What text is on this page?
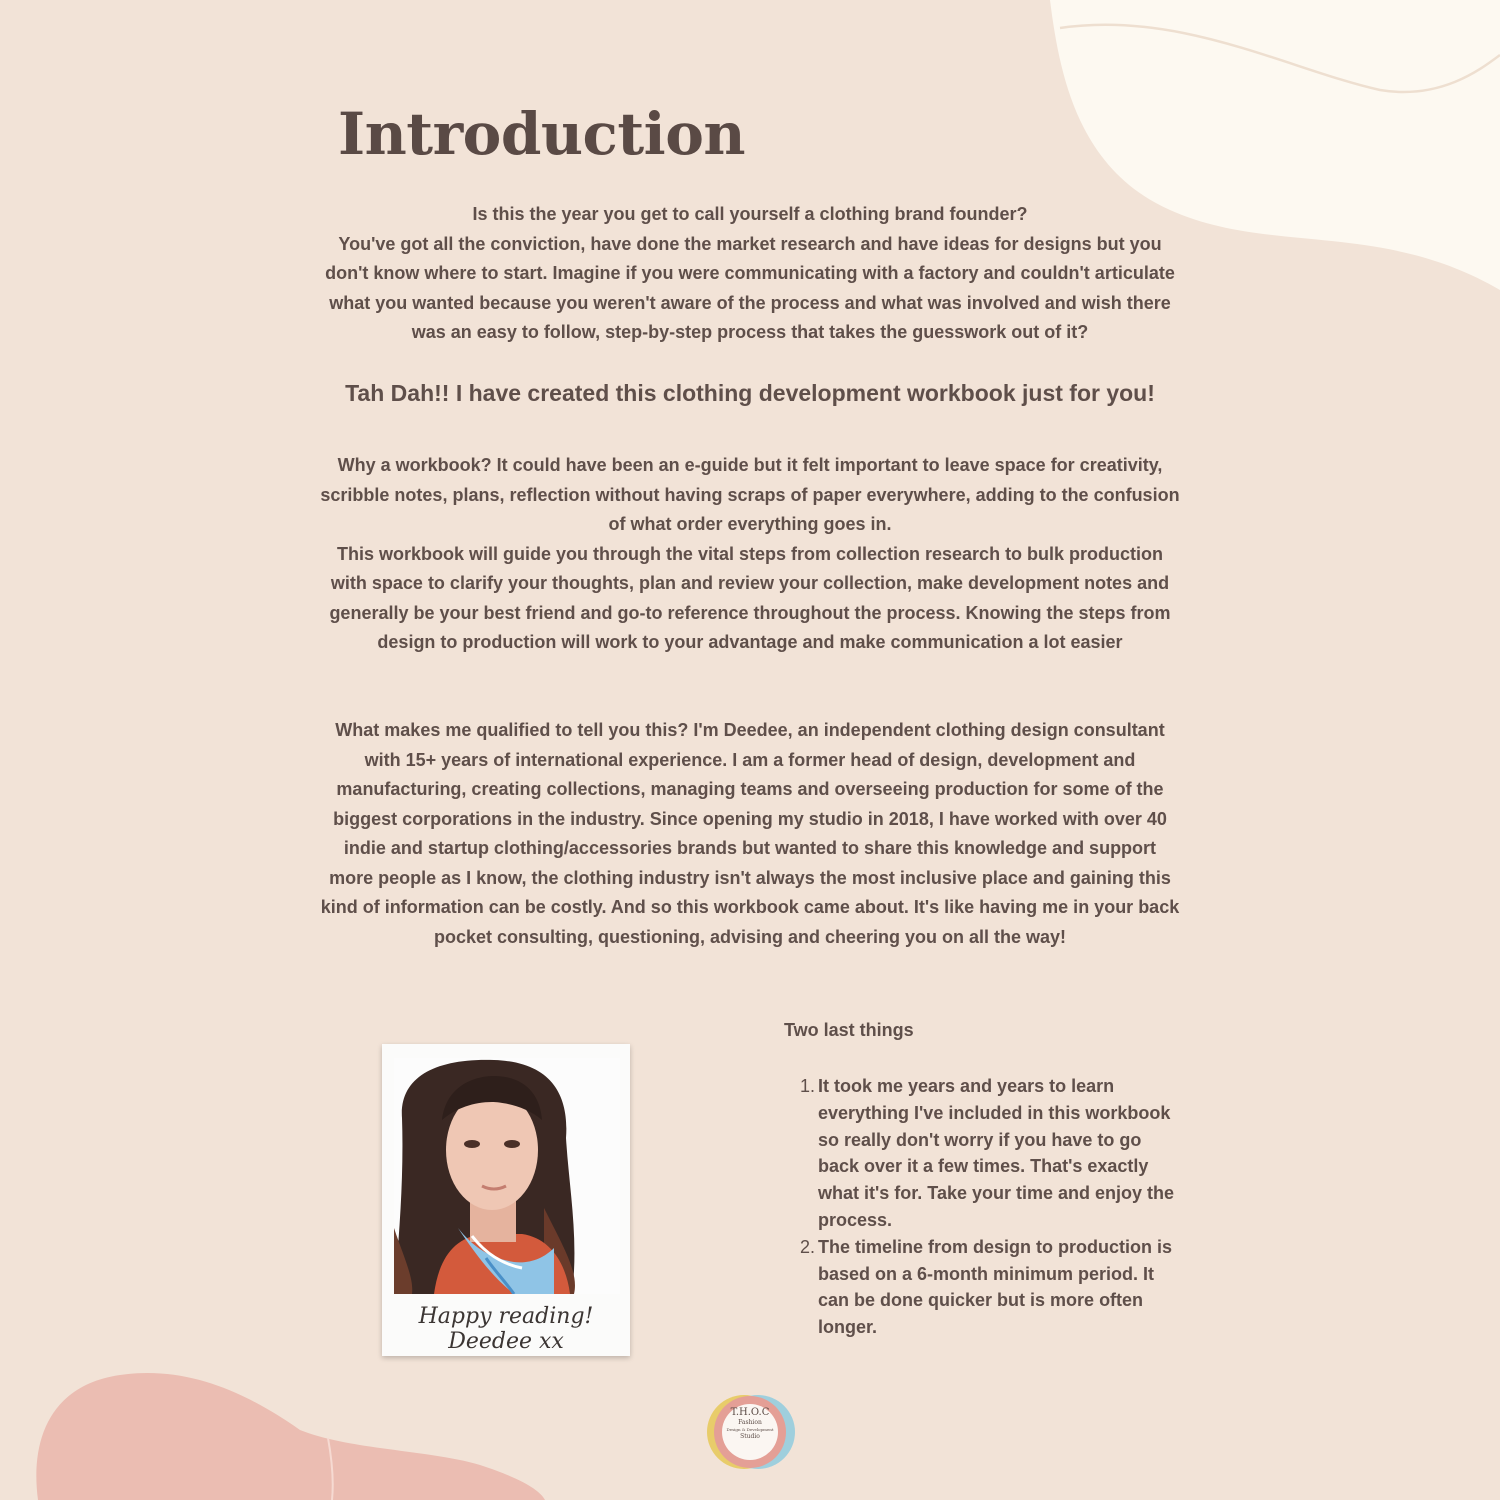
Introduction

Is this the year you get to call yourself a clothing brand founder?
You've got all the conviction, have done the market research and have ideas for designs but you don't know where to start. Imagine if you were communicating with a factory and couldn't articulate what you wanted because you weren't aware of the process and what was involved and wish there was an easy to follow, step-by-step process that takes the guesswork out of it?

Tah Dah!! I have created this clothing development workbook just for you!

Why a workbook? It could have been an e-guide but it felt important to leave space for creativity, scribble notes, plans, reflection without having scraps of paper everywhere, adding to the confusion of what order everything goes in.
This workbook will guide you through the vital steps from collection research to bulk production with space to clarify your thoughts, plan and review your collection, make development notes and generally be your best friend and go-to reference throughout the process. Knowing the steps from design to production will work to your advantage and make communication a lot easier

What makes me qualified to tell you this? I'm Deedee, an independent clothing design consultant with 15+ years of international experience. I am a former head of design, development and manufacturing, creating collections, managing teams and overseeing production for some of the biggest corporations in the industry. Since opening my studio in 2018, I have worked with over 40 indie and startup clothing/accessories brands but wanted to share this knowledge and support more people as I know, the clothing industry isn't always the most inclusive place and gaining this kind of information can be costly. And so this workbook came about. It's like having me in your back pocket consulting, questioning, advising and cheering you on all the way!

Happy reading! Deedee xx

Two last things

1. It took me years and years to learn everything I've included in this workbook so really don't worry if you have to go back over it a few times. That's exactly what it's for. Take your time and enjoy the process.
2. The timeline from design to production is based on a 6-month minimum period. It can be done quicker but is more often longer.
T.H.O.C
Fashion
Design & Development
Studio
